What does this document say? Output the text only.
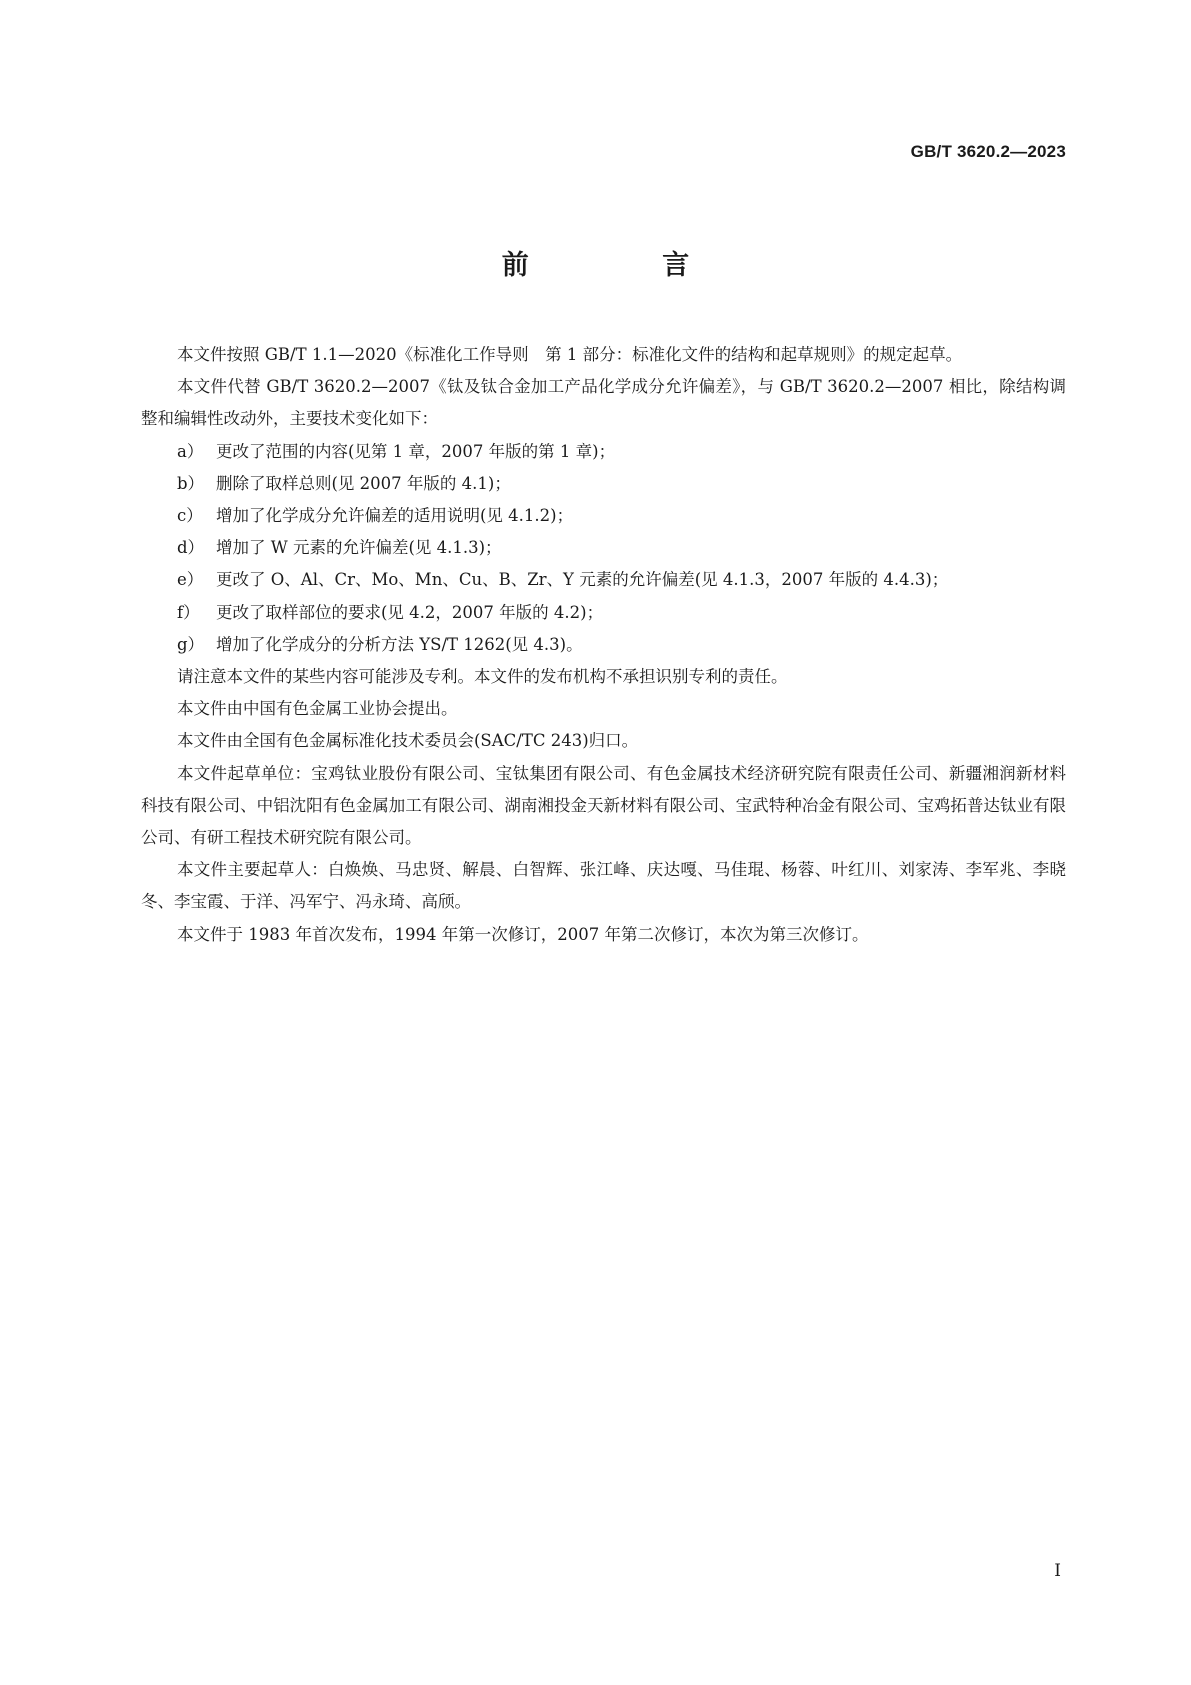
GB/T 3620.2—2023
前 言

本文件按照 GB/T 1.1—2020《标准化工作导则　第 1 部分：标准化文件的结构和起草规则》的规定起草。

本文件代替 GB/T 3620.2—2007《钛及钛合金加工产品化学成分允许偏差》，与 GB/T 3620.2—2007 相比，除结构调整和编辑性改动外，主要技术变化如下：

a） 更改了范围的内容(见第 1 章，2007 年版的第 1 章)；
b） 删除了取样总则(见 2007 年版的 4.1)；
c） 增加了化学成分允许偏差的适用说明(见 4.1.2)；
d） 增加了 W 元素的允许偏差(见 4.1.3)；
e） 更改了 O、Al、Cr、Mo、Mn、Cu、B、Zr、Y 元素的允许偏差(见 4.1.3，2007 年版的 4.4.3)；
f） 更改了取样部位的要求(见 4.2，2007 年版的 4.2)；
g） 增加了化学成分的分析方法 YS/T 1262(见 4.3)。

请注意本文件的某些内容可能涉及专利。本文件的发布机构不承担识别专利的责任。

本文件由中国有色金属工业协会提出。

本文件由全国有色金属标准化技术委员会(SAC/TC 243)归口。

本文件起草单位：宝鸡钛业股份有限公司、宝钛集团有限公司、有色金属技术经济研究院有限责任公司、新疆湘润新材料科技有限公司、中铝沈阳有色金属加工有限公司、湖南湘投金天新材料有限公司、宝武特种冶金有限公司、宝鸡拓普达钛业有限公司、有研工程技术研究院有限公司。

本文件主要起草人：白焕焕、马忠贤、解晨、白智辉、张江峰、庆达嘎、马佳琨、杨蓉、叶红川、刘家涛、李军兆、李晓冬、李宝霞、于洋、冯军宁、冯永琦、高颀。

本文件于 1983 年首次发布，1994 年第一次修订，2007 年第二次修订，本次为第三次修订。

I
